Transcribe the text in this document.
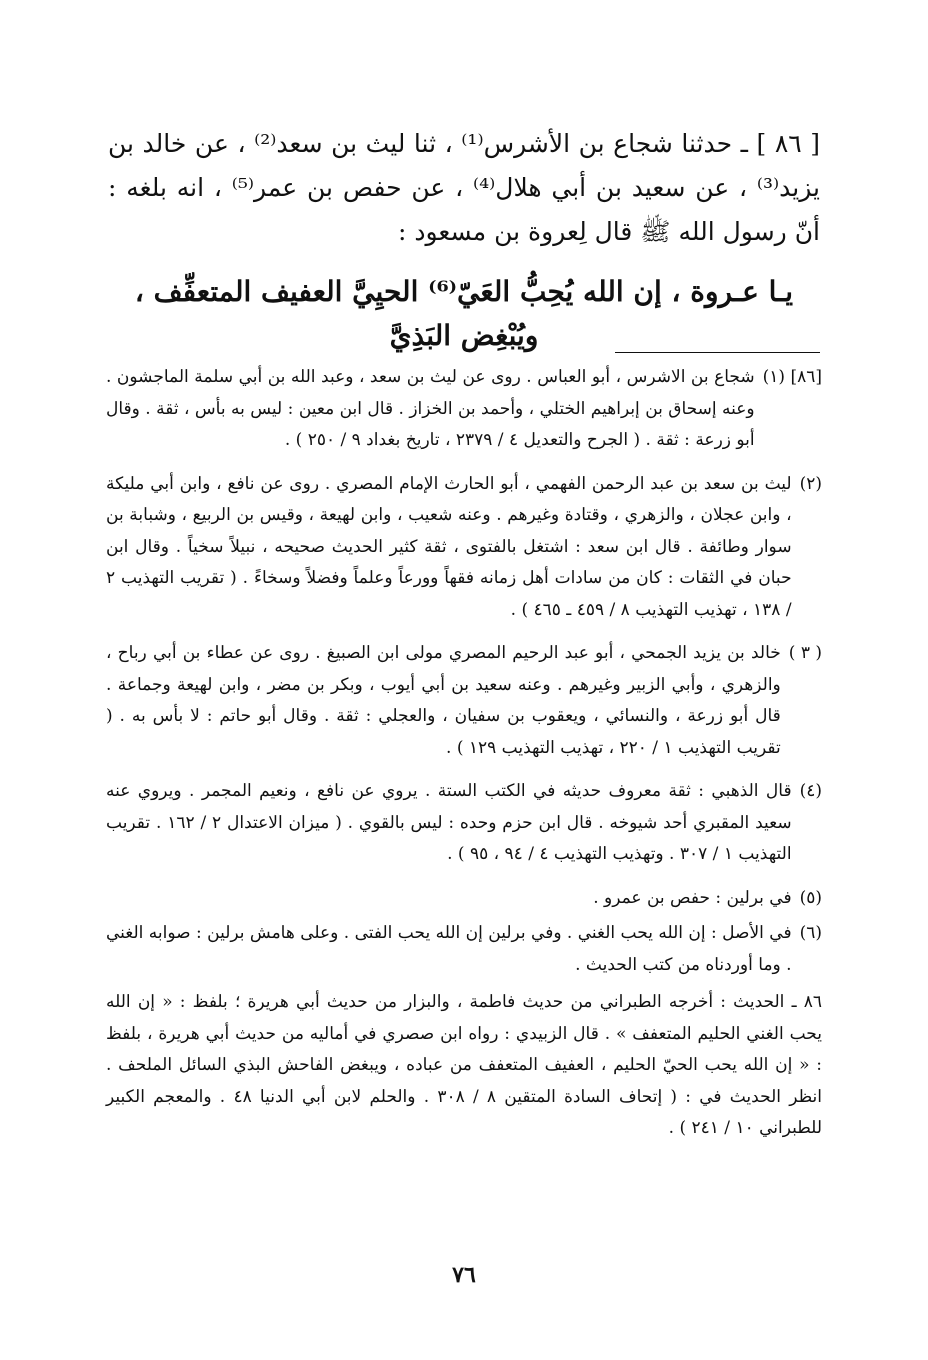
[ ٨٦ ] ـ حدثنا شجاع بن الأشرس⁽¹⁾ ، ثنا ليث بن سعد⁽²⁾ ، عن خالد بن يزيد⁽³⁾ ، عن سعيد بن أبي هلال⁽⁴⁾ ، عن حفص بن عمر⁽⁵⁾ ، انه بلغه : أنّ رسول الله ﷺ قال لِعروة بن مسعود :

يـا عـروة ، إن الله يُحِبُّ العَيّ⁽⁶⁾ الحيِيَّ العفيف المتعفِّف ، ويُبْغِض البَذِيَّ
[٨٦] (١)
شجاع بن الاشرس ، أبو العباس . روى عن ليث بن سعد ، وعبد الله بن أبي سلمة الماجشون . وعنه إسحاق بن إبراهيم الختلي ، وأحمد بن الخزاز . قال ابن معين : ليس به بأس ، ثقة . وقال أبو زرعة : ثقة . ( الجرح والتعديل ٤ / ٢٣٧٩ ، تاريخ بغداد ٩ / ٢٥٠ ) .
(٢)
ليث بن سعد بن عبد الرحمن الفهمي ، أبو الحارث الإمام المصري . روى عن نافع ، وابن أبي مليكة ، وابن عجلان ، والزهري ، وقتادة وغيرهم . وعنه شعيب ، وابن لهيعة ، وقيس بن الربيع ، وشبابة بن سوار وطائفة . قال ابن سعد : اشتغل بالفتوى ، ثقة كثير الحديث صحيحه ، نبيلاً سخياً . وقال ابن حبان في الثقات : كان من سادات أهل زمانه فقهاً وورعاً وعلماً وفضلاً وسخاءً . ( تقريب التهذيب ٢ / ١٣٨ ، تهذيب التهذيب ٨ / ٤٥٩ ـ ٤٦٥ ) .
( ٣ )
خالد بن يزيد الجمحي ، أبو عبد الرحيم المصري مولى ابن الصبيغ . روى عن عطاء بن أبي رباح ، والزهري ، وأبي الزبير وغيرهم . وعنه سعيد بن أبي أيوب ، وبكر بن مضر ، وابن لهيعة وجماعة . قال أبو زرعة ، والنسائي ، ويعقوب بن سفيان ، والعجلي : ثقة . وقال أبو حاتم : لا بأس به . ( تقريب التهذيب ١ / ٢٢٠ ، تهذيب التهذيب ١٢٩ ) .
(٤)
قال الذهبي : ثقة معروف حديثه في الكتب الستة . يروي عن نافع ، ونعيم المجمر . ويروي عنه سعيد المقبري أحد شيوخه . قال ابن حزم وحده : ليس بالقوي . ( ميزان الاعتدال ٢ / ١٦٢ . تقريب التهذيب ١ / ٣٠٧ . وتهذيب التهذيب ٤ / ٩٤ ، ٩٥ ) .
(٥)
في برلين : حفص بن عمرو .
(٦)
في الأصل : إن الله يحب الغني . وفي برلين إن الله يحب الفتى . وعلى هامش برلين : صوابه الغني . وما أوردناه من كتب الحديث .
٨٦ ـ الحديث : أخرجه الطبراني من حديث فاطمة ، والبزار من حديث أبي هريرة ؛ بلفظ : « إن الله يحب الغني الحليم المتعفف » . قال الزبيدي : رواه ابن صصري في أماليه من حديث أبي هريرة ، بلفظ : « إن الله يحب الحيّ الحليم ، العفيف المتعفف من عباده ، ويبغض الفاحش البذي السائل الملحف . انظر الحديث في : ( إتحاف السادة المتقين ٨ / ٣٠٨ . والحلم لابن أبي الدنيا ٤٨ . والمعجم الكبير للطبراني ١٠ / ٢٤١ ) .
٧٦
